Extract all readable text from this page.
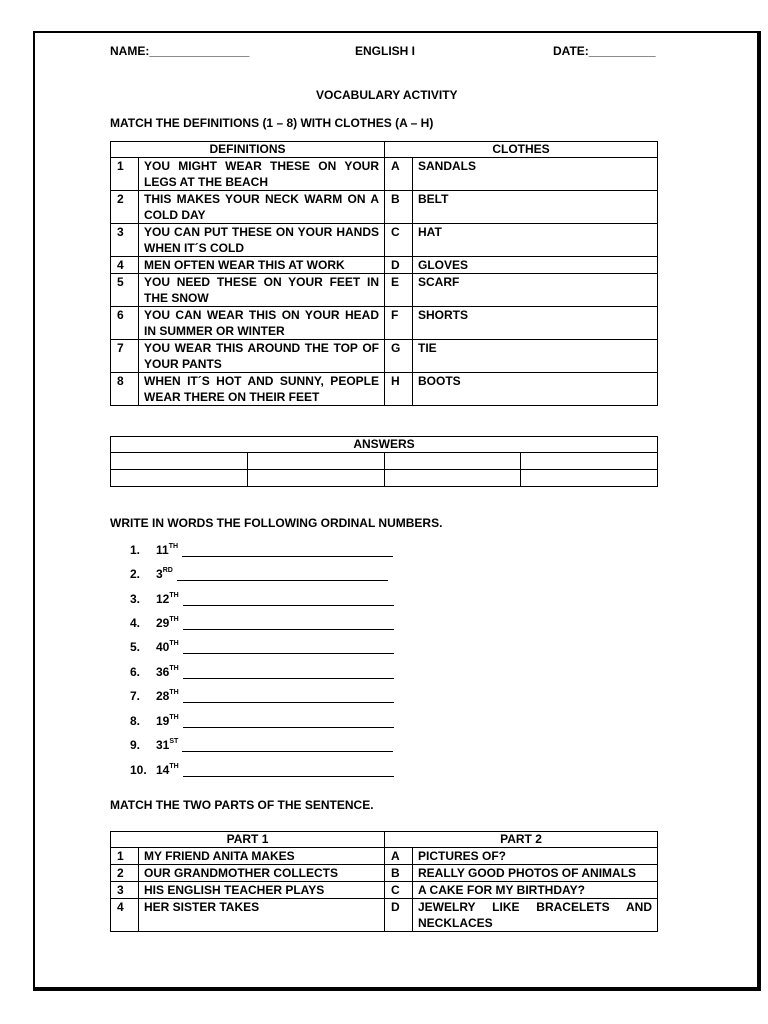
NAME:_______________	ENGLISH I	DATE:__________
VOCABULARY ACTIVITY
MATCH THE DEFINITIONS (1 – 8) WITH CLOTHES (A – H)
DEFINITIONS		CLOTHES	
1	YOU MIGHT WEAR THESE ON YOUR LEGS AT THE BEACH	A	SANDALS
2	THIS MAKES YOUR NECK WARM ON A COLD DAY	B	BELT
3	YOU CAN PUT THESE ON YOUR HANDS WHEN IT´S COLD	C	HAT
4	MEN OFTEN WEAR THIS AT WORK	D	GLOVES
5	YOU NEED THESE ON YOUR FEET IN THE SNOW	E	SCARF
6	YOU CAN WEAR THIS ON YOUR HEAD IN SUMMER OR WINTER	F	SHORTS
7	YOU WEAR THIS AROUND THE TOP OF YOUR PANTS	G	TIE
8	WHEN IT´S HOT AND SUNNY, PEOPLE WEAR THERE ON THEIR FEET	H	BOOTS
ANSWERS			

WRITE IN WORDS THE FOLLOWING ORDINAL NUMBERS.
1. 11TH
2. 3RD
3. 12TH
4. 29TH
5. 40TH
6. 36TH
7. 28TH
8. 19TH
9. 31ST
10. 14TH
MATCH THE TWO PARTS OF THE SENTENCE.
PART 1		PART 2	
1	MY FRIEND ANITA MAKES	A	PICTURES OF?
2	OUR GRANDMOTHER COLLECTS	B	REALLY GOOD PHOTOS OF ANIMALS
3	HIS ENGLISH TEACHER PLAYS	C	A CAKE FOR MY BIRTHDAY?
4	HER SISTER TAKES	D	JEWELRY LIKE BRACELETS AND NECKLACES
